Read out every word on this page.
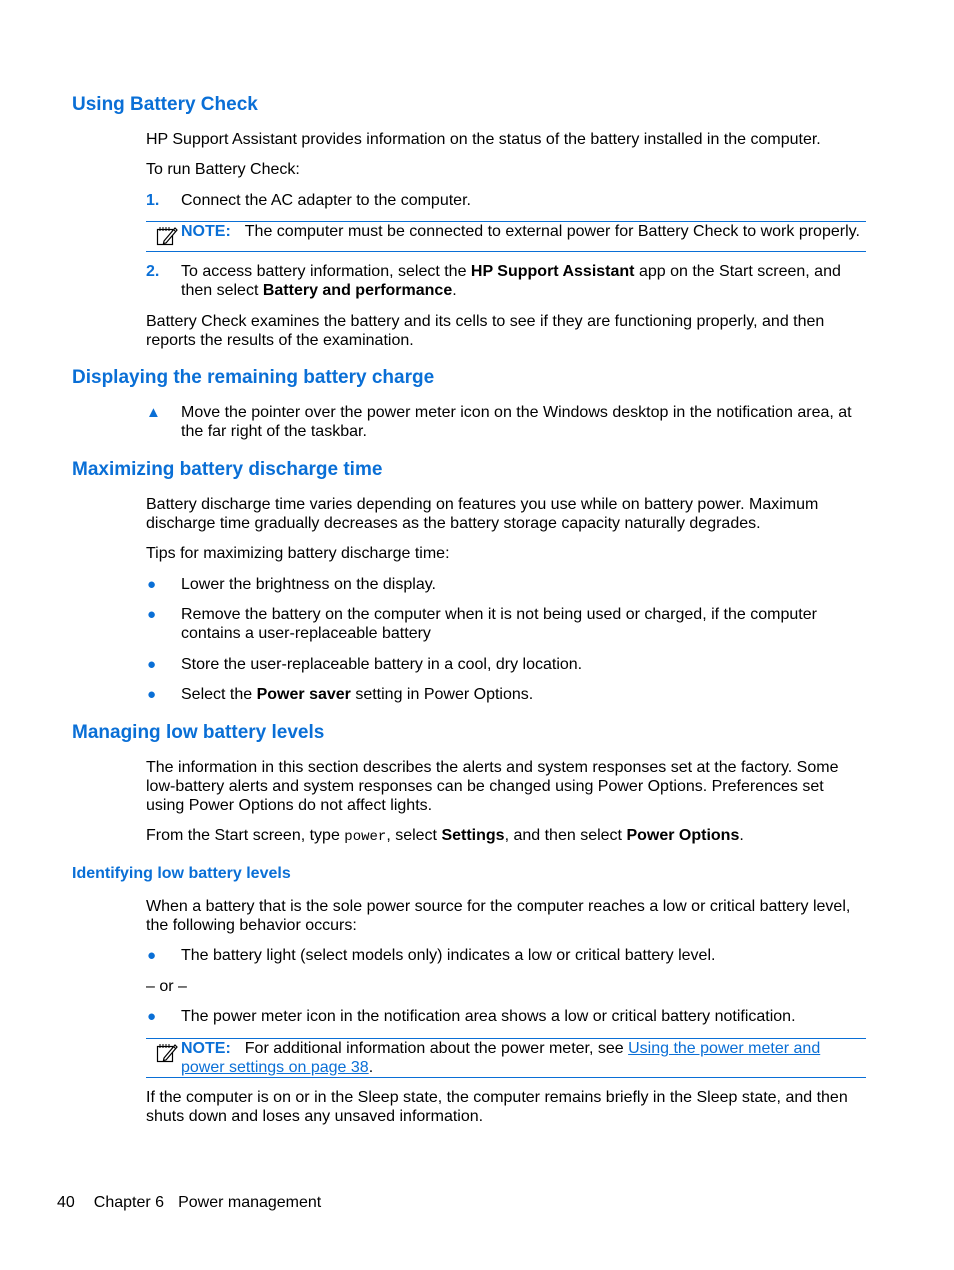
Using Battery Check

HP Support Assistant provides information on the status of the battery installed in the computer.

To run Battery Check:

1. Connect the AC adapter to the computer.

NOTE: The computer must be connected to external power for Battery Check to work properly.
2. To access battery information, select the HP Support Assistant app on the Start screen, and then select Battery and performance.

Battery Check examines the battery and its cells to see if they are functioning properly, and then reports the results of the examination.

Displaying the remaining battery charge
▲ Move the pointer over the power meter icon on the Windows desktop in the notification area, at the far right of the taskbar.

Maximizing battery discharge time

Battery discharge time varies depending on features you use while on battery power. Maximum discharge time gradually decreases as the battery storage capacity naturally degrades.

Tips for maximizing battery discharge time:

● Lower the brightness on the display.

● Remove the battery on the computer when it is not being used or charged, if the computer contains a user-replaceable battery

● Store the user-replaceable battery in a cool, dry location.

● Select the Power saver setting in Power Options.

Managing low battery levels

The information in this section describes the alerts and system responses set at the factory. Some low-battery alerts and system responses can be changed using Power Options. Preferences set using Power Options do not affect lights.

From the Start screen, type power, select Settings, and then select Power Options.

Identifying low battery levels

When a battery that is the sole power source for the computer reaches a low or critical battery level, the following behavior occurs:

● The battery light (select models only) indicates a low or critical battery level.

– or –

● The power meter icon in the notification area shows a low or critical battery notification.

NOTE: For additional information about the power meter, see Using the power meter and power settings on page 38.

If the computer is on or in the Sleep state, the computer remains briefly in the Sleep state, and then shuts down and loses any unsaved information.

40 Chapter 6 Power management
